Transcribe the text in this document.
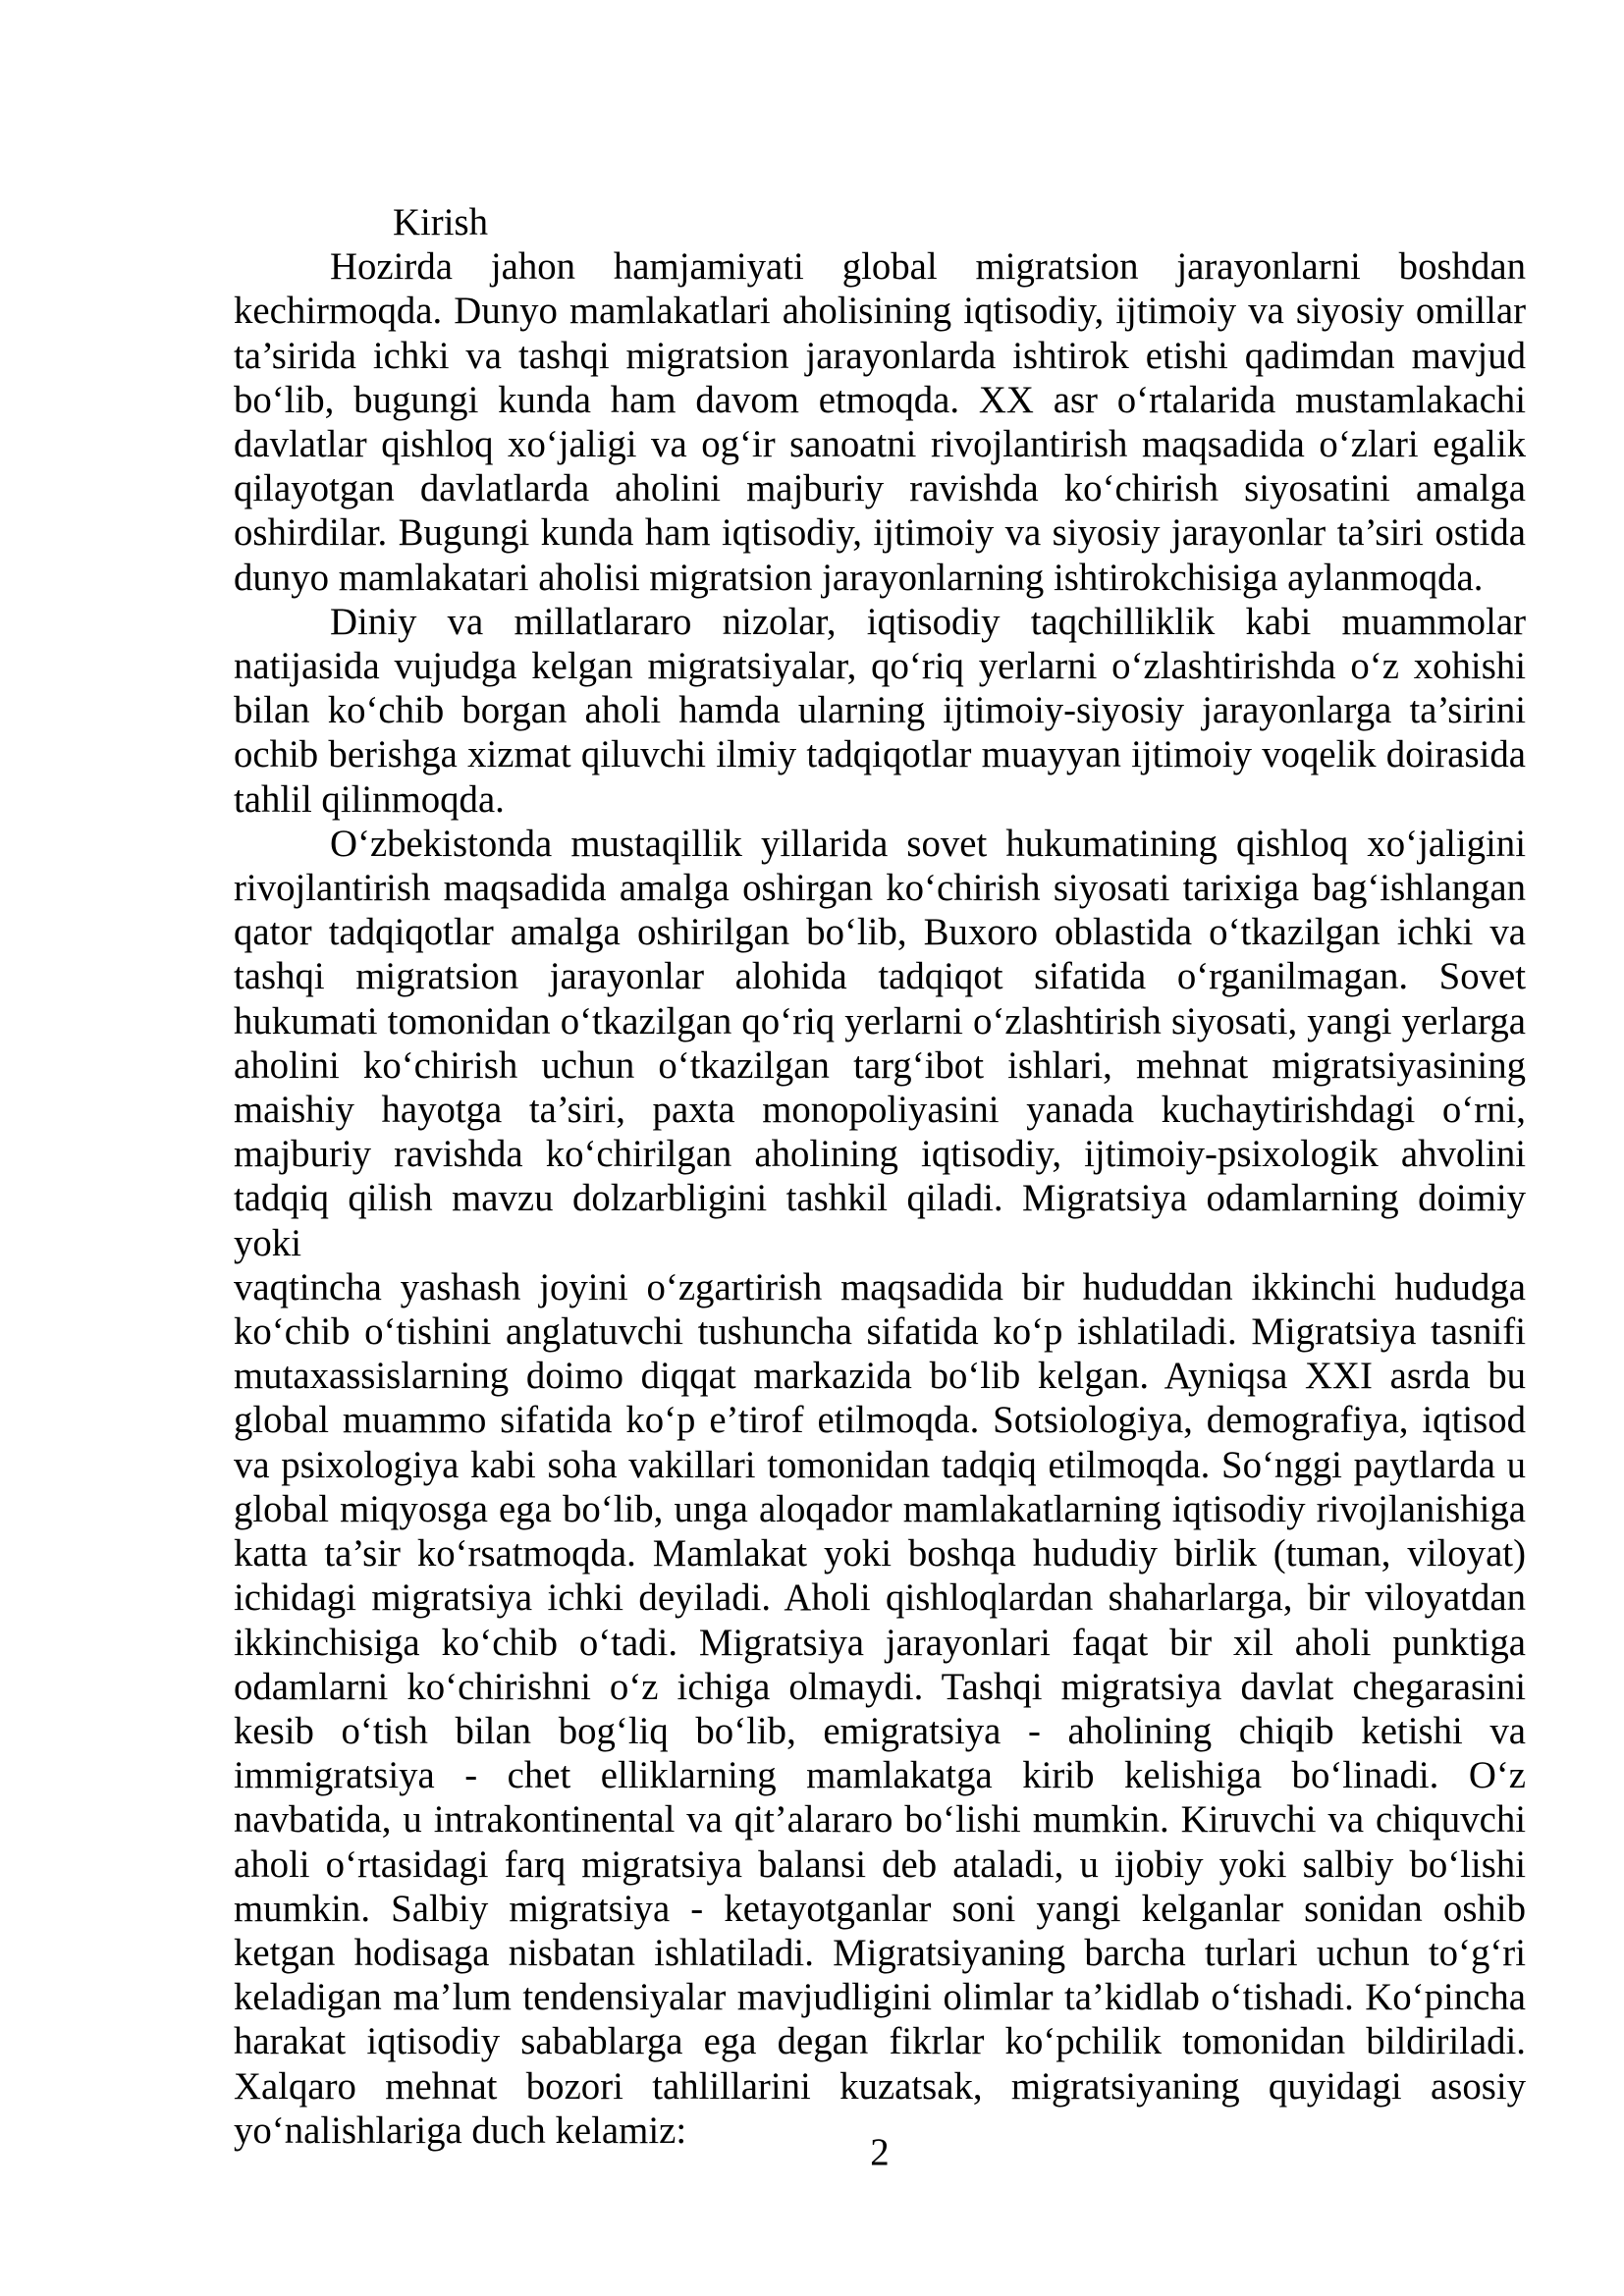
Kirish
Hozirda jahon hamjamiyati global migratsion jarayonlarni boshdan
kechirmoqda. Dunyo mamlakatlari aholisining iqtisodiy, ijtimoiy va siyosiy omillar
ta’sirida ichki va tashqi migratsion jarayonlarda ishtirok etishi qadimdan mavjud
bo‘lib, bugungi kunda ham davom etmoqda. XX asr o‘rtalarida mustamlakachi
davlatlar qishloq xo‘jaligi va og‘ir sanoatni rivojlantirish maqsadida o‘zlari egalik
qilayotgan davlatlarda aholini majburiy ravishda ko‘chirish siyosatini amalga
oshirdilar. Bugungi kunda ham iqtisodiy, ijtimoiy va siyosiy jarayonlar ta’siri ostida
dunyo mamlakatari aholisi migratsion jarayonlarning ishtirokchisiga aylanmoqda.
Diniy va millatlararo nizolar, iqtisodiy taqchilliklik kabi muammolar
natijasida vujudga kelgan migratsiyalar, qo‘riq yerlarni o‘zlashtirishda o‘z xohishi
bilan ko‘chib borgan aholi hamda ularning ijtimoiy-siyosiy jarayonlarga ta’sirini
ochib berishga xizmat qiluvchi ilmiy tadqiqotlar muayyan ijtimoiy voqelik doirasida
tahlil qilinmoqda.
O‘zbekistonda mustaqillik yillarida sovet hukumatining qishloq xo‘jaligini
rivojlantirish maqsadida amalga oshirgan ko‘chirish siyosati tarixiga bag‘ishlangan
qator tadqiqotlar amalga oshirilgan bo‘lib, Buxoro oblastida o‘tkazilgan ichki va
tashqi migratsion jarayonlar alohida tadqiqot sifatida o‘rganilmagan. Sovet
hukumati tomonidan o‘tkazilgan qo‘riq yerlarni o‘zlashtirish siyosati, yangi yerlarga
aholini ko‘chirish uchun o‘tkazilgan targ‘ibot ishlari, mehnat migratsiyasining
maishiy hayotga ta’siri, paxta monopoliyasini yanada kuchaytirishdagi o‘rni,
majburiy ravishda ko‘chirilgan aholining iqtisodiy, ijtimoiy-psixologik ahvolini
tadqiq qilish mavzu dolzarbligini tashkil qiladi. Migratsiya odamlarning doimiy yoki
vaqtincha yashash joyini o‘zgartirish maqsadida bir hududdan ikkinchi hududga
ko‘chib o‘tishini anglatuvchi tushuncha sifatida ko‘p ishlatiladi. Migratsiya tasnifi
mutaxassislarning doimo diqqat markazida bo‘lib kelgan. Ayniqsa XXI asrda bu
global muammo sifatida ko‘p e’tirof etilmoqda. Sotsiologiya, demografiya, iqtisod
va psixologiya kabi soha vakillari tomonidan tadqiq etilmoqda. So‘nggi paytlarda u
global miqyosga ega bo‘lib, unga aloqador mamlakatlarning iqtisodiy rivojlanishiga
katta ta’sir ko‘rsatmoqda. Mamlakat yoki boshqa hududiy birlik (tuman, viloyat)
ichidagi migratsiya ichki deyiladi. Aholi qishloqlardan shaharlarga, bir viloyatdan
ikkinchisiga ko‘chib o‘tadi. Migratsiya jarayonlari faqat bir xil aholi punktiga
odamlarni ko‘chirishni o‘z ichiga olmaydi. Tashqi migratsiya davlat chegarasini
kesib o‘tish bilan bog‘liq bo‘lib, emigratsiya - aholining chiqib ketishi va
immigratsiya - chet elliklarning mamlakatga kirib kelishiga bo‘linadi. O‘z
navbatida, u intrakontinental va qit’alararo bo‘lishi mumkin. Kiruvchi va chiquvchi
aholi o‘rtasidagi farq migratsiya balansi deb ataladi, u ijobiy yoki salbiy bo‘lishi
mumkin. Salbiy migratsiya - ketayotganlar soni yangi kelganlar sonidan oshib
ketgan hodisaga nisbatan ishlatiladi. Migratsiyaning barcha turlari uchun to‘g‘ri
keladigan ma’lum tendensiyalar mavjudligini olimlar ta’kidlab o‘tishadi. Ko‘pincha
harakat iqtisodiy sabablarga ega degan fikrlar ko‘pchilik tomonidan bildiriladi.
Xalqaro mehnat bozori tahlillarini kuzatsak, migratsiyaning quyidagi asosiy
yo‘nalishlariga duch kelamiz:
2
